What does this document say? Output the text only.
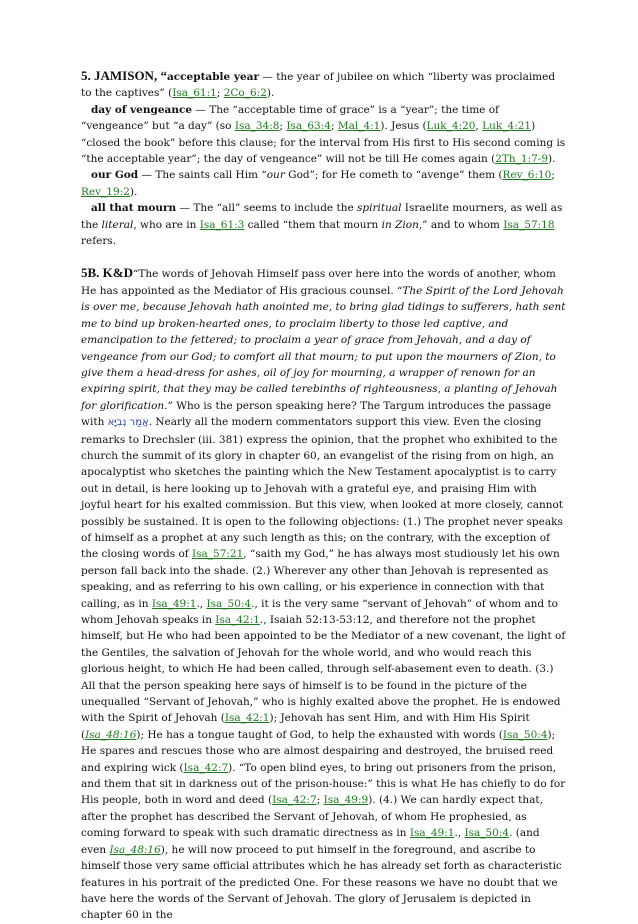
5. JAMISON, “acceptable year — the year of jubilee on which “liberty was proclaimed to the captives” (Isa_61:1; 2Co_6:2).

day of vengeance — The “acceptable time of grace” is a “year”; the time of “vengeance” but “a day” (so Isa_34:8; Isa_63:4; Mal_4:1). Jesus (Luk_4:20, Luk_4:21) “closed the book” before this clause; for the interval from His first to His second coming is “the acceptable year”; the day of vengeance” will not be till He comes again (2Th_1:7-9).

our God — The saints call Him “our God”; for He cometh to “avenge” them (Rev_6:10; Rev_19:2).

all that mourn — The “all” seems to include the spiritual Israelite mourners, as well as the literal, who are in Isa_61:3 called “them that mourn in Zion,” and to whom Isa_57:18 refers.

5B. K&D“The words of Jehovah Himself pass over here into the words of another, whom He has appointed as the Mediator of His gracious counsel. “The Spirit of the Lord Jehovah is over me, because Jehovah hath anointed me, to bring glad tidings to sufferers, hath sent me to bind up broken-hearted ones, to proclaim liberty to those led captive, and emancipation to the fettered; to proclaim a year of grace from Jehovah, and a day of vengeance from our God; to comfort all that mourn; to put upon the mourners of Zion, to give them a head-dress for ashes, oil of joy for mourning, a wrapper of renown for an expiring spirit, that they may be called terebinths of righteousness, a planting of Jehovah for glorification.” Who is the person speaking here? The Targum introduces the passage with אֲמַר נְבִיָּא. Nearly all the modern commentators support this view. Even the closing remarks to Drechsler (iii. 381) express the opinion, that the prophet who exhibited to the church the summit of its glory in chapter 60, an evangelist of the rising from on high, an apocalyptist who sketches the painting which the New Testament apocalyptist is to carry out in detail, is here looking up to Jehovah with a grateful eye, and praising Him with joyful heart for his exalted commission. But this view, when looked at more closely, cannot possibly be sustained. It is open to the following objections: (1.) The prophet never speaks of himself as a prophet at any such length as this; on the contrary, with the exception of the closing words of Isa_57:21, “saith my God,” he has always most studiously let his own person fall back into the shade. (2.) Wherever any other than Jehovah is represented as speaking, and as referring to his own calling, or his experience in connection with that calling, as in Isa_49:1., Isa_50:4., it is the very same “servant of Jehovah” of whom and to whom Jehovah speaks in Isa_42:1., Isaiah 52:13-53:12, and therefore not the prophet himself, but He who had been appointed to be the Mediator of a new covenant, the light of the Gentiles, the salvation of Jehovah for the whole world, and who would reach this glorious height, to which He had been called, through self-abasement even to death. (3.) All that the person speaking here says of himself is to be found in the picture of the unequalled “Servant of Jehovah,” who is highly exalted above the prophet. He is endowed with the Spirit of Jehovah (Isa_42:1); Jehovah has sent Him, and with Him His Spirit (Isa_48:16); He has a tongue taught of God, to help the exhausted with words (Isa_50:4); He spares and rescues those who are almost despairing and destroyed, the bruised reed and expiring wick (Isa_42:7). “To open blind eyes, to bring out prisoners from the prison, and them that sit in darkness out of the prison-house:” this is what He has chiefly to do for His people, both in word and deed (Isa_42:7; Isa_49:9). (4.) We can hardly expect that, after the prophet has described the Servant of Jehovah, of whom He prophesied, as coming forward to speak with such dramatic directness as in Isa_49:1., Isa_50:4. (and even Isa_48:16), he will now proceed to put himself in the foreground, and ascribe to himself those very same official attributes which he has already set forth as characteristic features in his portrait of the predicted One. For these reasons we have no doubt that we have here the words of the Servant of Jehovah. The glory of Jerusalem is depicted in chapter 60 in the
